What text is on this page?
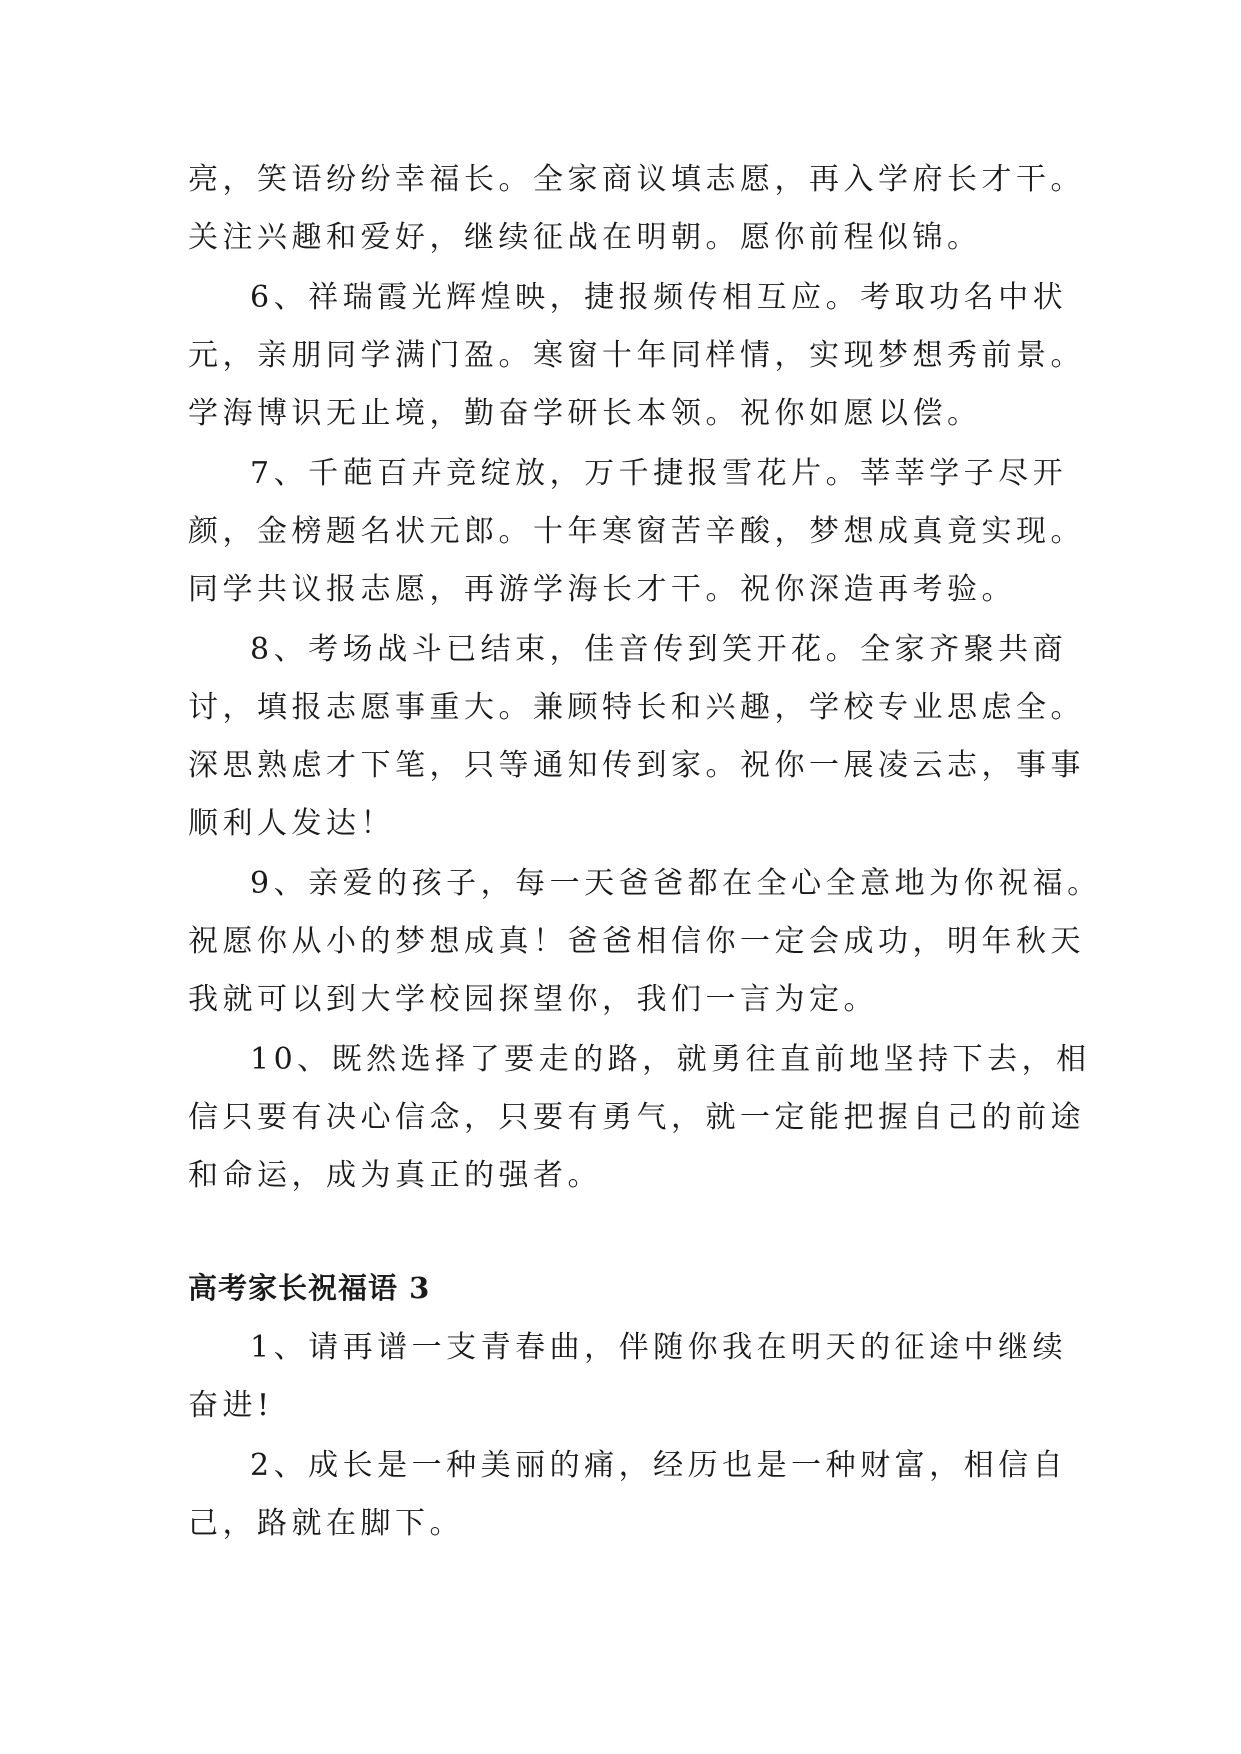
亮，笑语纷纷幸福长。全家商议填志愿，再入学府长才干。

关注兴趣和爱好，继续征战在明朝。愿你前程似锦。

6、祥瑞霞光辉煌映，捷报频传相互应。考取功名中状

元，亲朋同学满门盈。寒窗十年同样情，实现梦想秀前景。

学海博识无止境，勤奋学研长本领。祝你如愿以偿。

7、千葩百卉竞绽放，万千捷报雪花片。莘莘学子尽开

颜，金榜题名状元郎。十年寒窗苦辛酸，梦想成真竟实现。

同学共议报志愿，再游学海长才干。祝你深造再考验。

8、考场战斗已结束，佳音传到笑开花。全家齐聚共商

讨，填报志愿事重大。兼顾特长和兴趣，学校专业思虑全。

深思熟虑才下笔，只等通知传到家。祝你一展凌云志，事事

顺利人发达！

9、亲爱的孩子，每一天爸爸都在全心全意地为你祝福。

祝愿你从小的梦想成真！爸爸相信你一定会成功，明年秋天

我就可以到大学校园探望你，我们一言为定。

10、既然选择了要走的路，就勇往直前地坚持下去，相

信只要有决心信念，只要有勇气，就一定能把握自己的前途

和命运，成为真正的强者。

高考家长祝福语 3

1、请再谱一支青春曲，伴随你我在明天的征途中继续

奋进!

2、成长是一种美丽的痛，经历也是一种财富，相信自

己，路就在脚下。
